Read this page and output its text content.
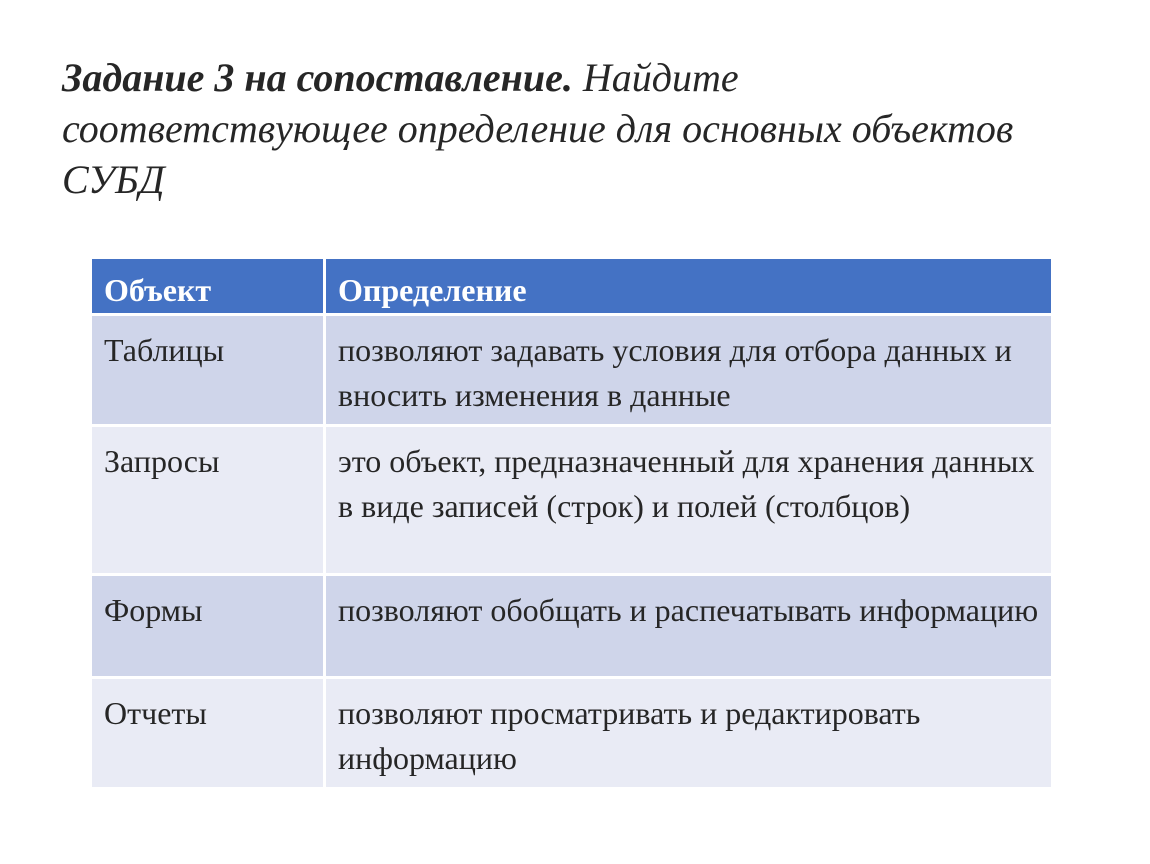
Задание 3 на сопоставление. Найдите соответствующее определение для основных объектов СУБД
Объект	Определение
Таблицы	позволяют задавать условия для отбора данных и вносить изменения в данные
Запросы	это объект, предназначенный для хранения данных в виде записей (строк) и полей (столбцов)
Формы	позволяют обобщать и распечатывать информацию
Отчеты	позволяют просматривать и редактировать информацию
